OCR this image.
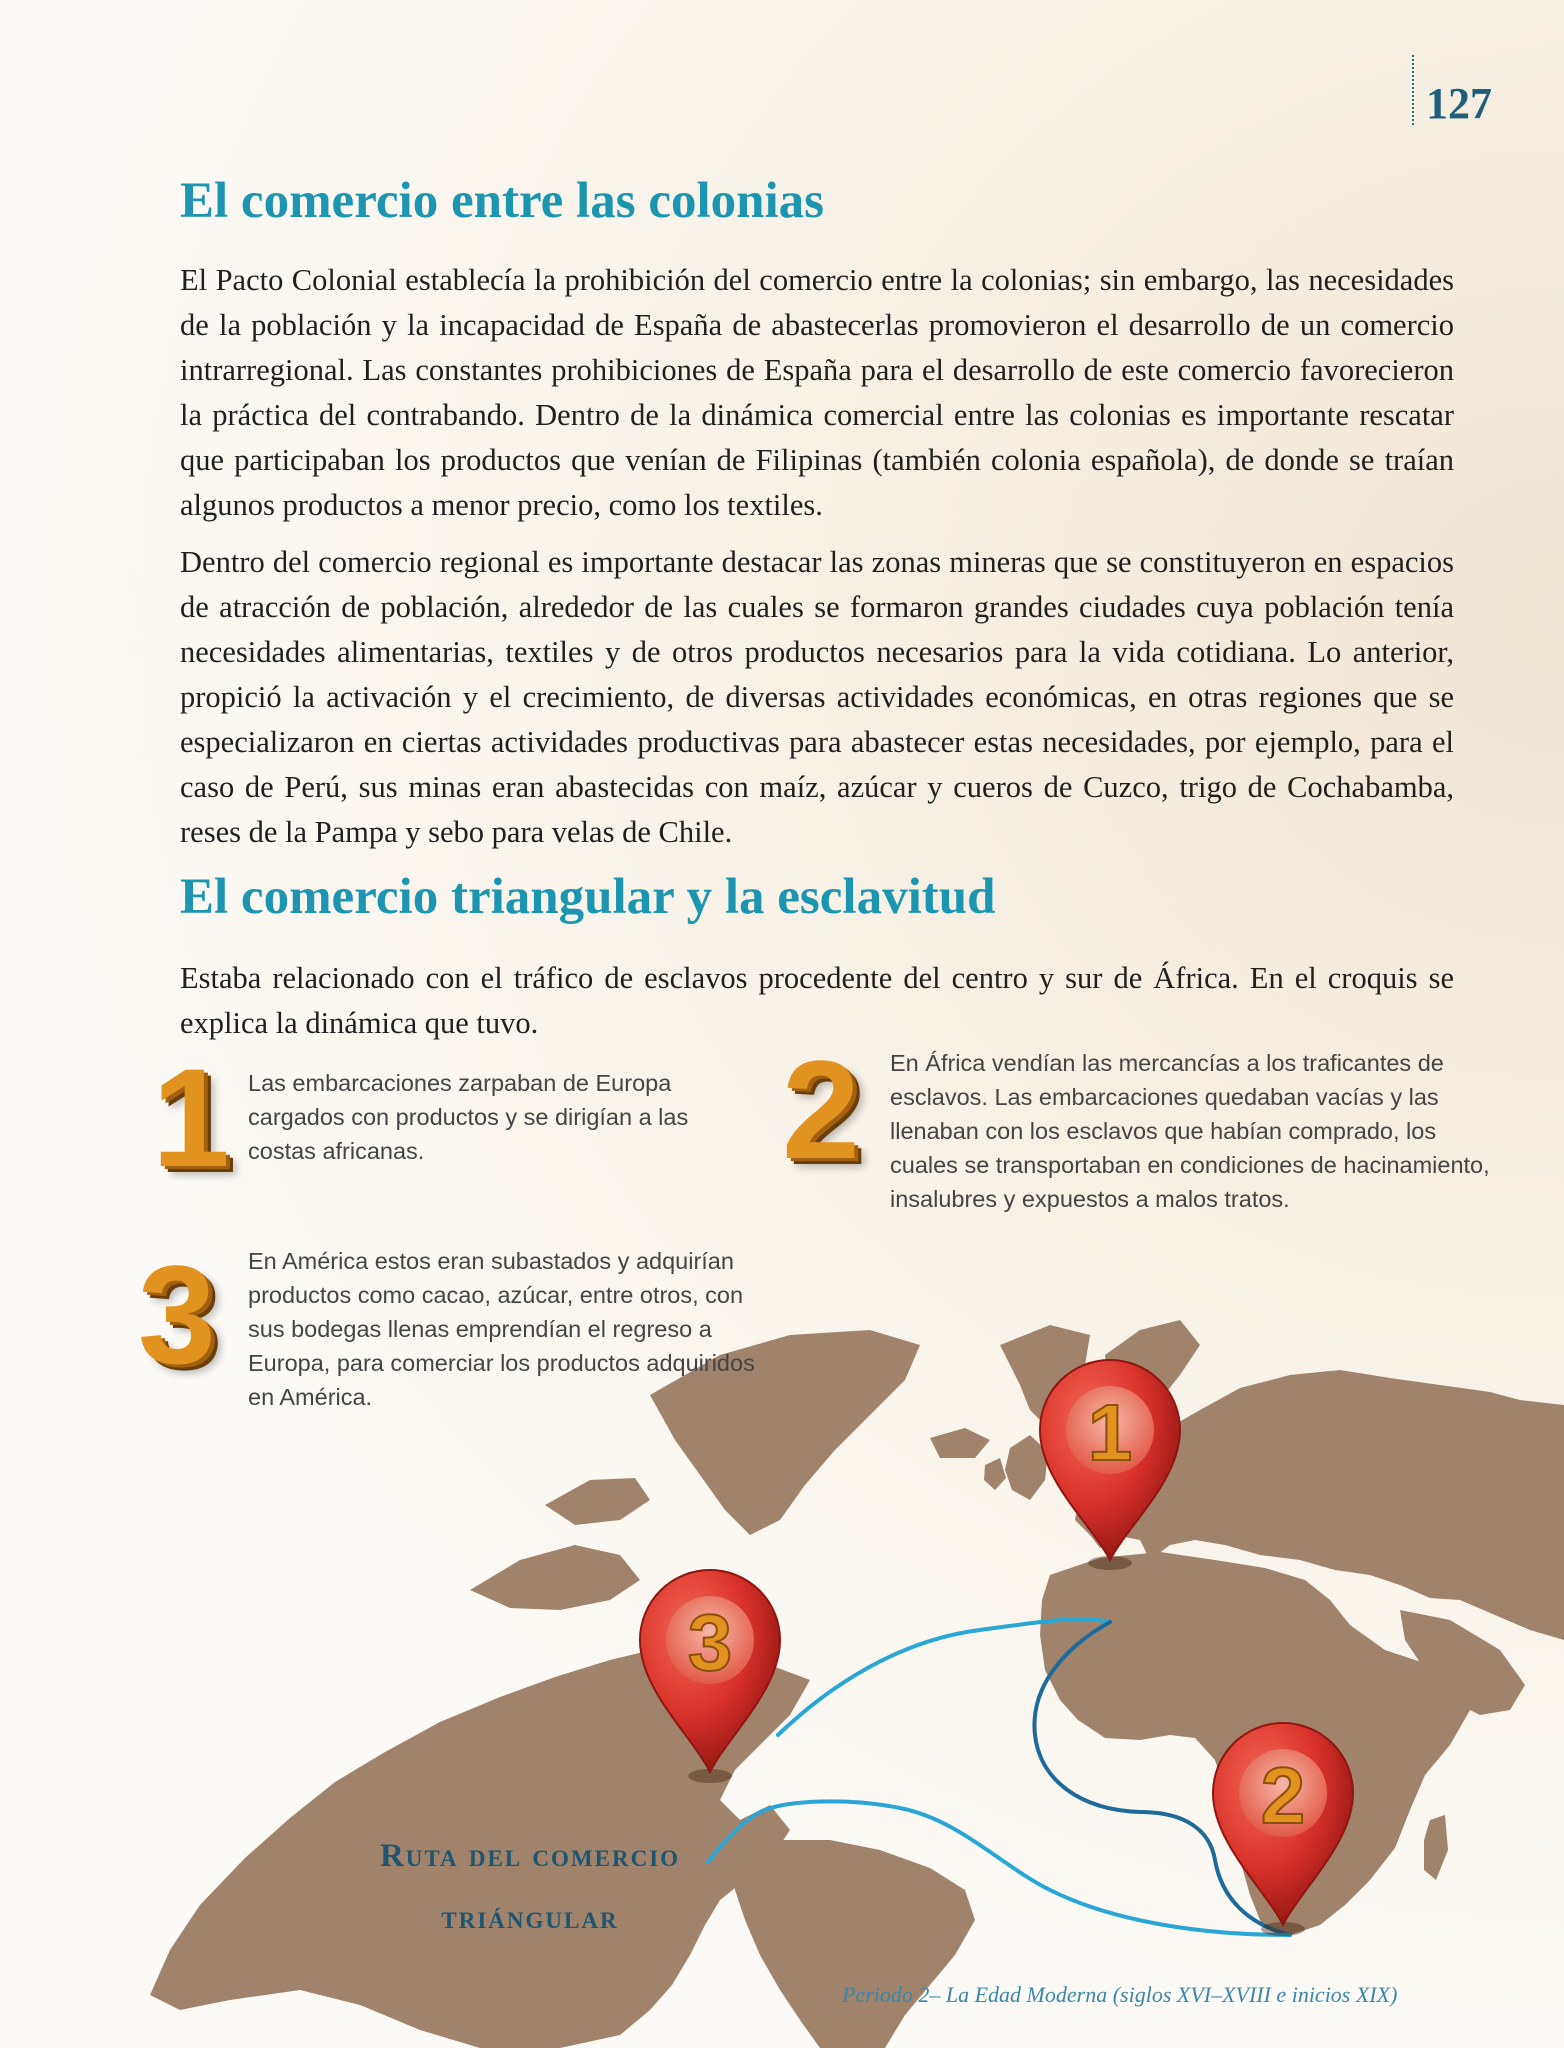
127
El comercio entre las colonias

El Pacto Colonial establecía la prohibición del comercio entre la colonias; sin embargo, las necesidades de la población y la incapacidad de España de abastecerlas promovieron el desarrollo de un comercio intrarregional. Las constantes prohibiciones de España para el desarrollo de este comercio favorecieron la práctica del contrabando. Dentro de la dinámica comercial entre las colonias es importante rescatar que participaban los productos que venían de Filipinas (también colonia española), de donde se traían algunos productos a menor precio, como los textiles.

Dentro del comercio regional es importante destacar las zonas mineras que se constituyeron en espacios de atracción de población, alrededor de las cuales se formaron grandes ciudades cuya población tenía necesidades alimentarias, textiles y de otros productos necesarios para la vida cotidiana. Lo anterior, propició la activación y el crecimiento, de diversas actividades económicas, en otras regiones que se especializaron en ciertas actividades productivas para abastecer estas necesidades, por ejemplo, para el caso de Perú, sus minas eran abastecidas con maíz, azúcar y cueros de Cuzco, trigo de Cochabamba, reses de la Pampa y sebo para velas de Chile.

El comercio triangular y la esclavitud

Estaba relacionado con el tráfico de esclavos procedente del centro y sur de África. En el croquis se explica la dinámica que tuvo.

1
2
3
1 Las embarcaciones zarpaban de Europa cargados con productos y se dirigían a las costas africanas.	2 En África vendían las mercancías a los traficantes de esclavos. Las embarcaciones quedaban vacías y las llenaban con los esclavos que habían comprado, los cuales se transportaban en condiciones de hacinamiento, insalubres y expuestos a malos tratos.

3 En América estos eran subastados y adquirían productos como cacao, azúcar, entre otros, con sus bodegas llenas emprendían el regreso a Europa, para comerciar los productos adquiridos en América.

Ruta del comercio
triángular
Periodo 2– La Edad Moderna (siglos XVI–XVIII e inicios XIX)
